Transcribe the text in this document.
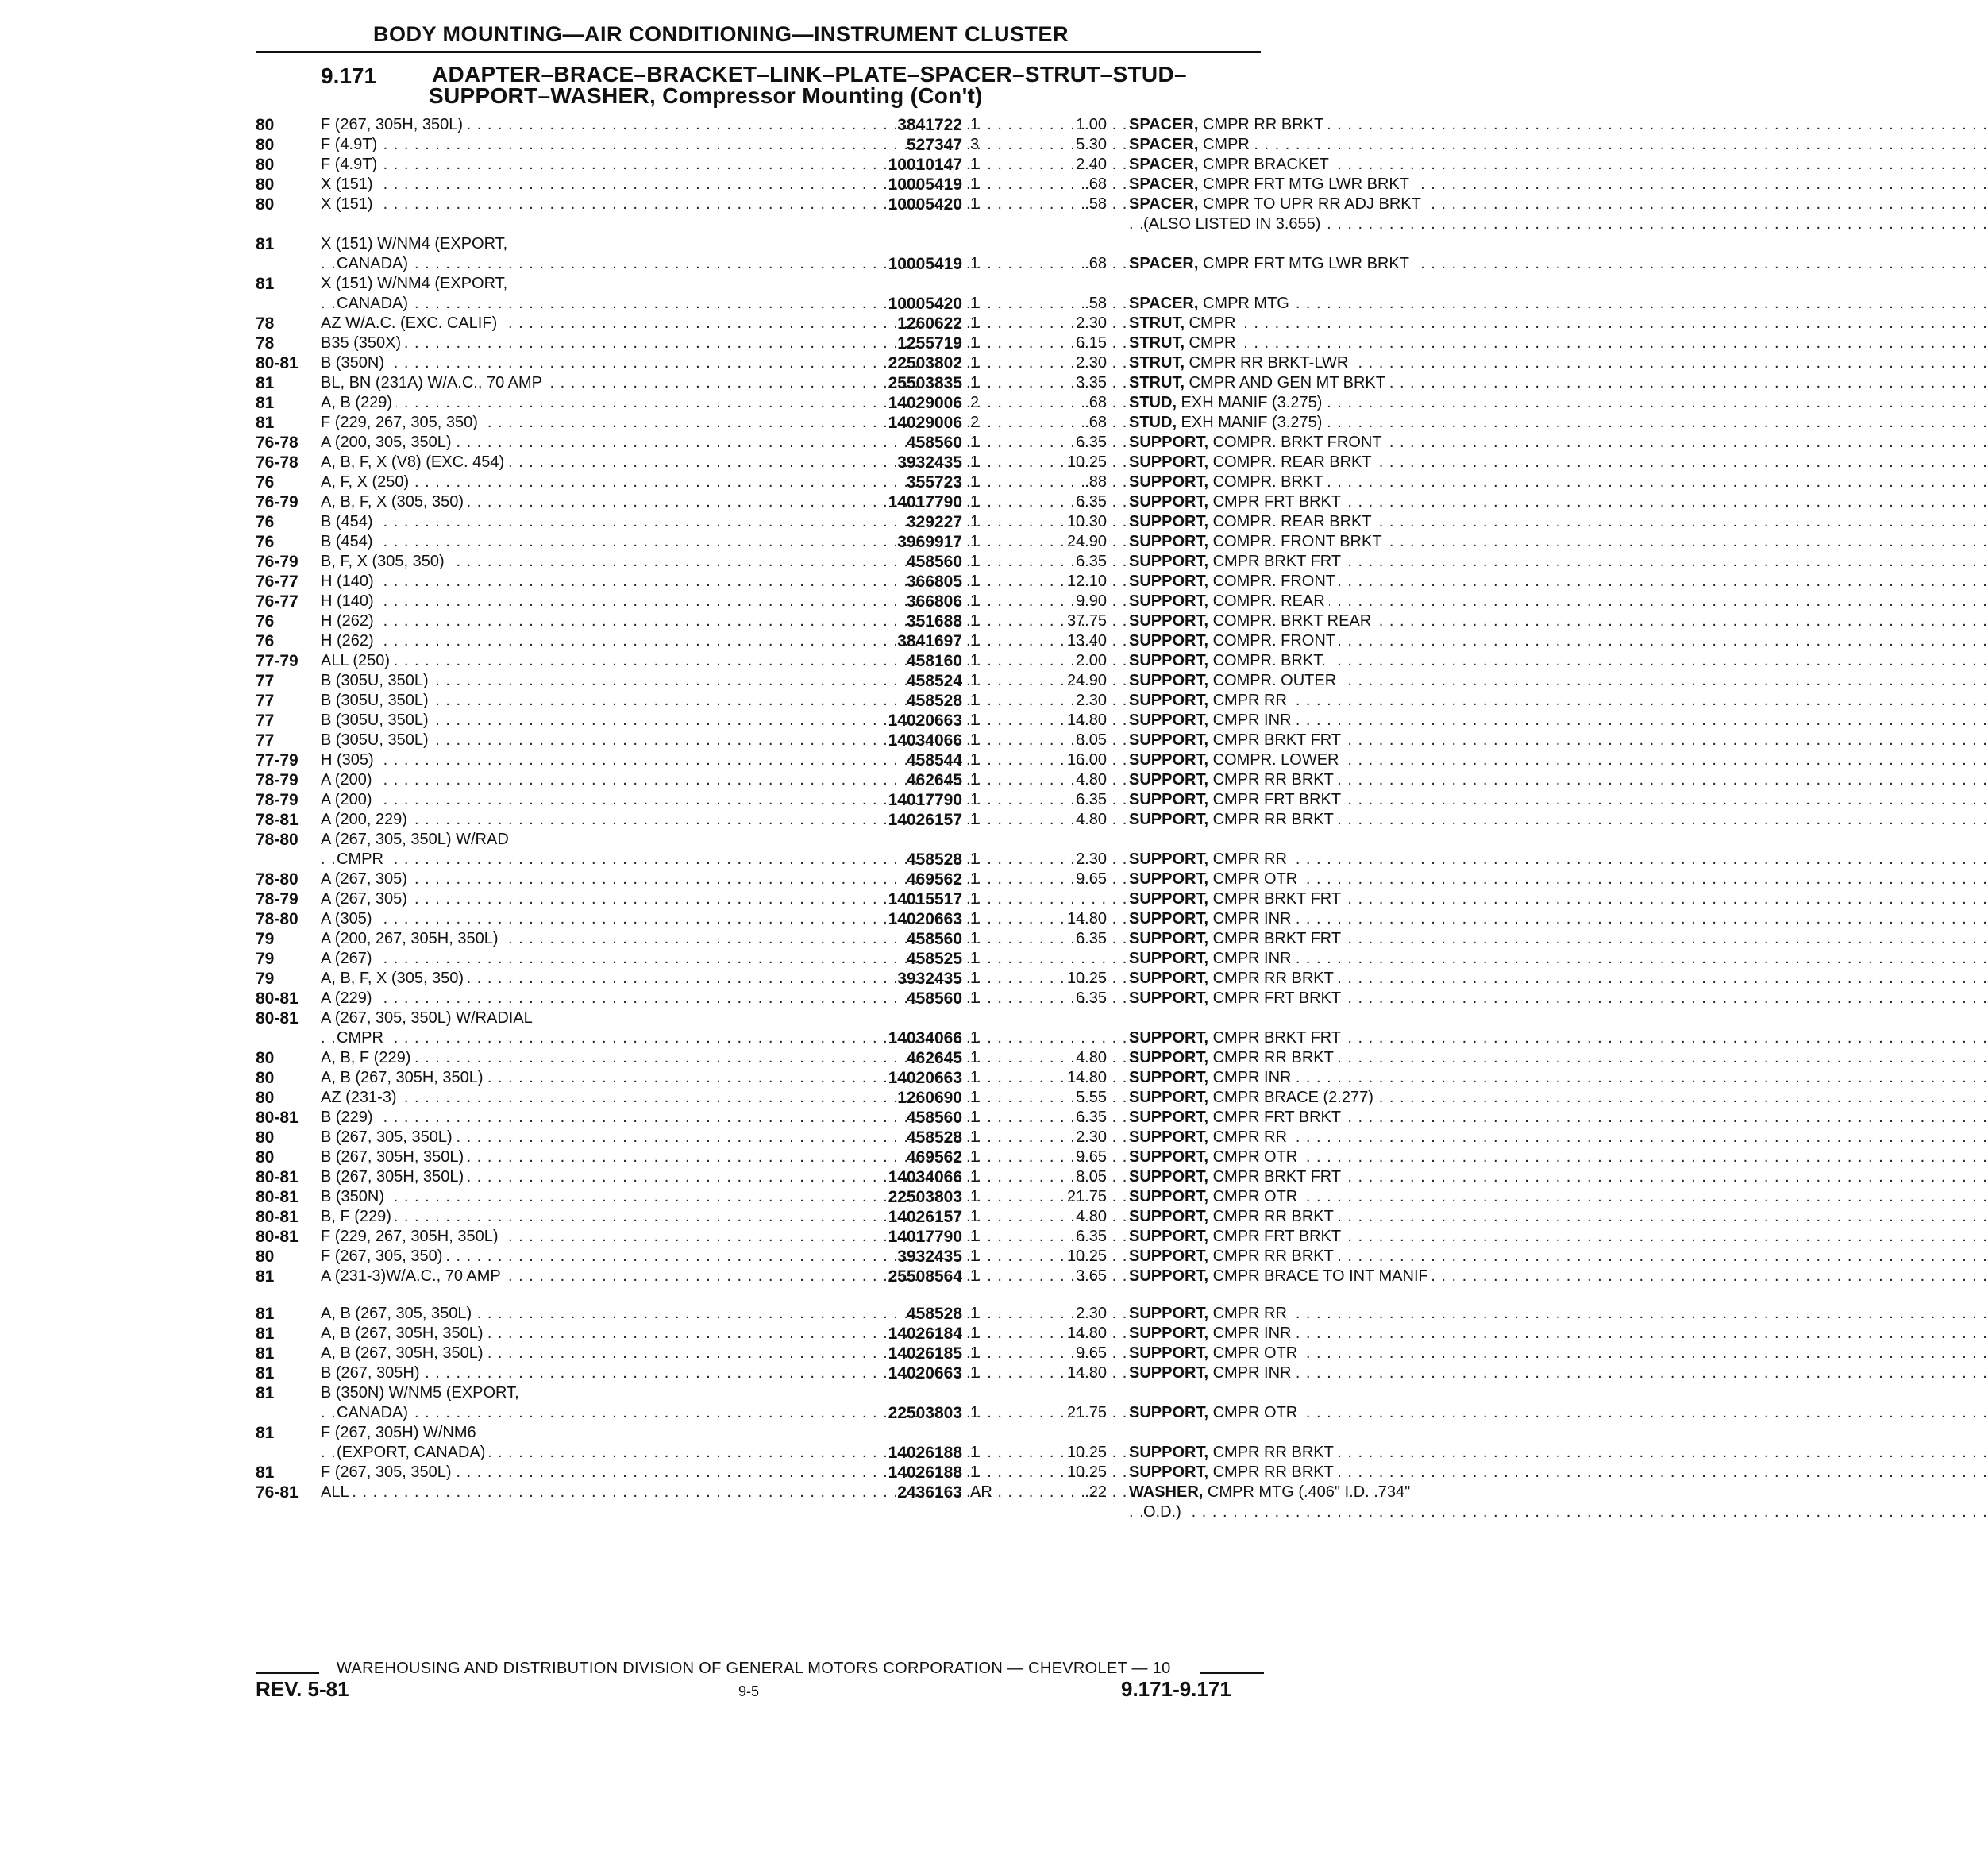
BODY MOUNTING—AIR CONDITIONING—INSTRUMENT CLUSTER
9.171 ADAPTER–BRACE–BRACKET–LINK–PLATE–SPACER–STRUT–STUD–
SUPPORT–WASHER, Compressor Mounting (Con't)
80	F (267, 305H, 350L) . . .	3841722 1	1.00 SPACER, CMPR RR BRKT . . .
80	F (4.9T) . . .	527347 3	5.30 SPACER, CMPR . . .
80	F (4.9T) . . .	10010147 1	2.40 SPACER, CMPR BRACKET . . .
80	X (151) . . .	10005419 1	.68 SPACER, CMPR FRT MTG LWR BRKT . . .
80	X (151) . . .	10005420 1	.58 SPACER, CMPR TO UPR RR ADJ BRKT . . .
(ALSO LISTED IN 3.655) . . .
81	X (151) W/NM4 (EXPORT,
CANADA) . . .	10005419 1	.68 SPACER, CMPR FRT MTG LWR BRKT . . .
81	X (151) W/NM4 (EXPORT,
CANADA) . . .	10005420 1	.58 SPACER, CMPR MTG . . .
78	AZ W/A.C. (EXC. CALIF) . . .	1260622 1	2.30 STRUT, CMPR . . .
78	B35 (350X) . . .	1255719 1	6.15 STRUT, CMPR . . .
80-81	B (350N) . . .	22503802 1	2.30 STRUT, CMPR RR BRKT-LWR . . .
81	BL, BN (231A) W/A.C., 70 AMP . . .	25503835 1	3.35 STRUT, CMPR AND GEN MT BRKT . . .
81	A, B (229) . . .	14029006 2	.68 STUD, EXH MANIF (3.275) . . .
81	F (229, 267, 305, 350) . . .	14029006 2	.68 STUD, EXH MANIF (3.275) . . .
76-78	A (200, 305, 350L) . . .	458560 1	6.35 SUPPORT, COMPR. BRKT FRONT . . .
76-78	A, B, F, X (V8) (EXC. 454) . . .	3932435 1	10.25 SUPPORT, COMPR. REAR BRKT . . .
76	A, F, X (250) . . .	355723 1	.88 SUPPORT, COMPR. BRKT . . .
76-79	A, B, F, X (305, 350) . . .	14017790 1	6.35 SUPPORT, CMPR FRT BRKT . . .
76	B (454) . . .	329227 1	10.30 SUPPORT, COMPR. REAR BRKT . . .
76	B (454) . . .	3969917 1	24.90 SUPPORT, COMPR. FRONT BRKT . . .
76-79	B, F, X (305, 350) . . .	458560 1	6.35 SUPPORT, CMPR BRKT FRT . . .
76-77	H (140) . . .	366805 1	12.10 SUPPORT, COMPR. FRONT . . .
76-77	H (140) . . .	366806 1	9.90 SUPPORT, COMPR. REAR . . .
76	H (262) . . .	351688 1	37.75 SUPPORT, COMPR. BRKT REAR . . .
76	H (262) . . .	3841697 1	13.40 SUPPORT, COMPR. FRONT . . .
77-79	ALL (250) . . .	458160 1	2.00 SUPPORT, COMPR. BRKT. . . .
77	B (305U, 350L) . . .	458524 1	24.90 SUPPORT, COMPR. OUTER . . .
77	B (305U, 350L) . . .	458528 1	2.30 SUPPORT, CMPR RR . . .
77	B (305U, 350L) . . .	14020663 1	14.80 SUPPORT, CMPR INR . . .
77	B (305U, 350L) . . .	14034066 1	8.05 SUPPORT, CMPR BRKT FRT . . .
77-79	H (305) . . .	458544 1	16.00 SUPPORT, COMPR. LOWER . . .
78-79	A (200) . . .	462645 1	4.80 SUPPORT, CMPR RR BRKT . . .
78-79	A (200) . . .	14017790 1	6.35 SUPPORT, CMPR FRT BRKT . . .
78-81	A (200, 229) . . .	14026157 1	4.80 SUPPORT, CMPR RR BRKT . . .
78-80	A (267, 305, 350L) W/RAD
CMPR . . .	458528 1	2.30 SUPPORT, CMPR RR . . .
78-80	A (267, 305) . . .	469562 1	9.65 SUPPORT, CMPR OTR . . .
78-79	A (267, 305) . . .	14015517 1	SUPPORT, CMPR BRKT FRT . . .
78-80	A (305) . . .	14020663 1	14.80 SUPPORT, CMPR INR . . .
79	A (200, 267, 305H, 350L) . . .	458560 1	6.35 SUPPORT, CMPR BRKT FRT . . .
79	A (267) . . .	458525 1	SUPPORT, CMPR INR . . .
79	A, B, F, X (305, 350) . . .	3932435 1	10.25 SUPPORT, CMPR RR BRKT . . .
80-81	A (229) . . .	458560 1	6.35 SUPPORT, CMPR FRT BRKT . . .
80-81	A (267, 305, 350L) W/RADIAL
CMPR . . .	14034066 1	SUPPORT, CMPR BRKT FRT . . .
80	A, B, F (229) . . .	462645 1	4.80 SUPPORT, CMPR RR BRKT . . .
80	A, B (267, 305H, 350L) . . .	14020663 1	14.80 SUPPORT, CMPR INR . . .
80	AZ (231-3) . . .	1260690 1	5.55 SUPPORT, CMPR BRACE (2.277) . . .
80-81	B (229) . . .	458560 1	6.35 SUPPORT, CMPR FRT BRKT . . .
80	B (267, 305, 350L) . . .	458528 1	2.30 SUPPORT, CMPR RR . . .
80	B (267, 305H, 350L) . . .	469562 1	9.65 SUPPORT, CMPR OTR . . .
80-81	B (267, 305H, 350L) . . .	14034066 1	8.05 SUPPORT, CMPR BRKT FRT . . .
80-81	B (350N) . . .	22503803 1	21.75 SUPPORT, CMPR OTR . . .
80-81	B, F (229) . . .	14026157 1	4.80 SUPPORT, CMPR RR BRKT . . .
80-81	F (229, 267, 305H, 350L) . . .	14017790 1	6.35 SUPPORT, CMPR FRT BRKT . . .
80	F (267, 305, 350) . . .	3932435 1	10.25 SUPPORT, CMPR RR BRKT . . .
81	A (231-3)W/A.C., 70 AMP . . .	25508564 1	3.65 SUPPORT, CMPR BRACE TO INT MANIF . . .
81	A, B (267, 305, 350L) . . .	458528 1	2.30 SUPPORT, CMPR RR . . .
81	A, B (267, 305H, 350L) . . .	14026184 1	14.80 SUPPORT, CMPR INR . . .
81	A, B (267, 305H, 350L) . . .	14026185 1	9.65 SUPPORT, CMPR OTR . . .
81	B (267, 305H) . . .	14020663 1	14.80 SUPPORT, CMPR INR . . .
81	B (350N) W/NM5 (EXPORT,
CANADA) . . .	22503803 1	21.75 SUPPORT, CMPR OTR . . .
81	F (267, 305H) W/NM6
(EXPORT, CANADA) . . .	14026188 1	10.25 SUPPORT, CMPR RR BRKT . . .
81	F (267, 305, 350L) . . .	14026188 1	10.25 SUPPORT, CMPR RR BRKT . . .
76-81	ALL . . .	2436163 AR	.22 WASHER, CMPR MTG (.406" I.D. .734"
O.D.) . . .
WAREHOUSING AND DISTRIBUTION DIVISION OF GENERAL MOTORS CORPORATION — CHEVROLET — 10
REV. 5-81	9-5	9.171-9.171
